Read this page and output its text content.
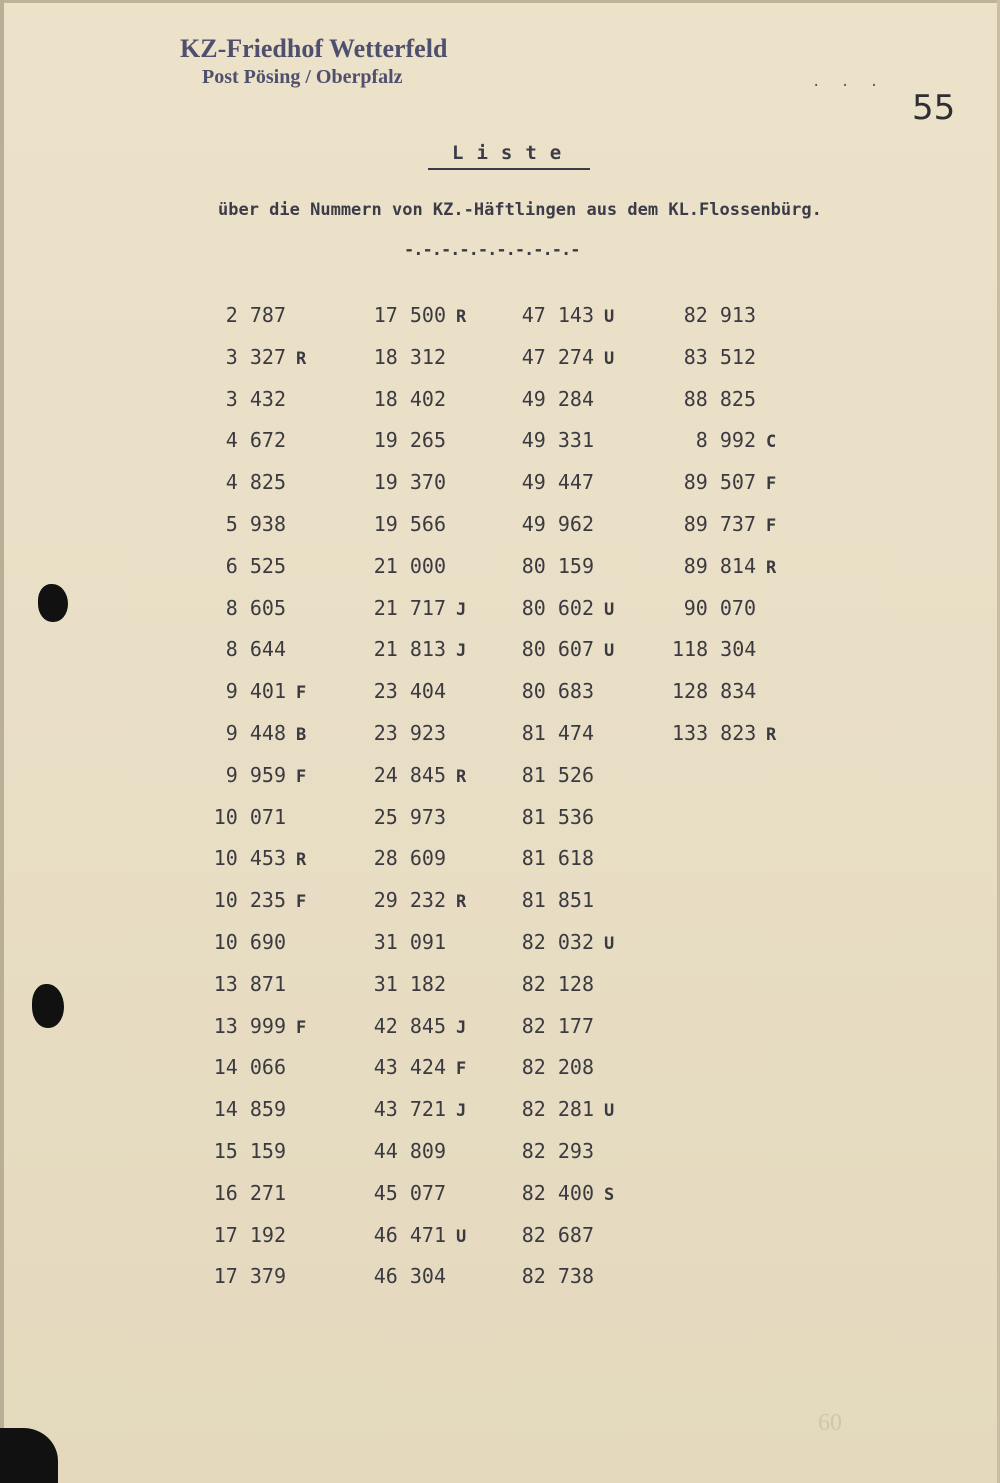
KZ-Friedhof Wetterfeld
Post Pösing / Oberpfalz	· · ·
55
Liste
über die Nummern von KZ.-Häftlingen aus dem KL.Flossenbürg.
-.-.-.-.-.-.-.-.-.-
2 787
3 327 R
3 432
4 672
4 825
5 938
6 525
8 605
8 644
9 401 F
9 448 B
9 959 F
10 071
10 453 R
10 235 F
10 690
13 871
13 999 F
14 066
14 859
15 159
16 271
17 192
17 379
17 500 R
18 312
18 402
19 265
19 370
19 566
21 000
21 717 J
21 813 J
23 404
23 923
24 845 R
25 973
28 609
29 232 R
31 091
31 182
42 845 J
43 424 F
43 721 J
44 809
45 077
46 471 U
46 304
47 143 U
47 274 U
49 284
49 331
49 447
49 962
80 159
80 602 U
80 607 U
80 683
81 474
81 526
81 536
81 618
81 851
82 032 U
82 128
82 177
82 208
82 281 U
82 293
82 400 S
82 687
82 738
82 913
83 512
88 825
8 992 C
89 507 F
89 737 F
89 814 R
90 070
118 304
128 834
133 823 R
60
